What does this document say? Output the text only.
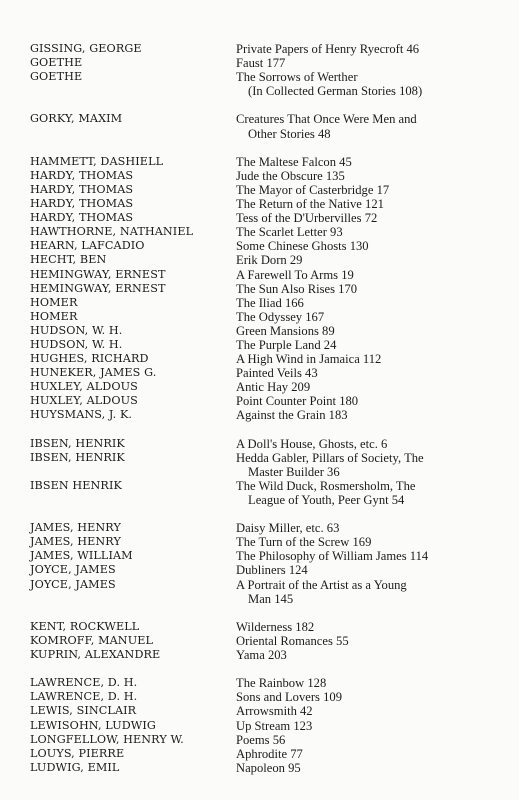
GISSING, GEORGE
GOETHE
GOETHE
GORKY, MAXIM
HAMMETT, DASHIELL
HARDY, THOMAS
HARDY, THOMAS
HARDY, THOMAS
HARDY, THOMAS
HAWTHORNE, NATHANIEL
HEARN, LAFCADIO
HECHT, BEN
HEMINGWAY, ERNEST
HEMINGWAY, ERNEST
HOMER
HOMER
HUDSON, W. H.
HUDSON, W. H.
HUGHES, RICHARD
HUNEKER, JAMES G.
HUXLEY, ALDOUS
HUXLEY, ALDOUS
HUYSMANS, J. K.
IBSEN, HENRIK
IBSEN, HENRIK
IBSEN HENRIK
JAMES, HENRY
JAMES, HENRY
JAMES, WILLIAM
JOYCE, JAMES
JOYCE, JAMES
KENT, ROCKWELL
KOMROFF, MANUEL
KUPRIN, ALEXANDRE
LAWRENCE, D. H.
LAWRENCE, D. H.
LEWIS, SINCLAIR
LEWISOHN, LUDWIG
LONGFELLOW, HENRY W.
LOUYS, PIERRE
LUDWIG, EMIL
Private Papers of Henry Ryecroft 46
Faust 177
The Sorrows of Werther
(In Collected German Stories 108)
Creatures That Once Were Men and
Other Stories 48
The Maltese Falcon 45
Jude the Obscure 135
The Mayor of Casterbridge 17
The Return of the Native 121
Tess of the D'Urbervilles 72
The Scarlet Letter 93
Some Chinese Ghosts 130
Erik Dorn 29
A Farewell To Arms 19
The Sun Also Rises 170
The Iliad 166
The Odyssey 167
Green Mansions 89
The Purple Land 24
A High Wind in Jamaica 112
Painted Veils 43
Antic Hay 209
Point Counter Point 180
Against the Grain 183
A Doll's House, Ghosts, etc. 6
Hedda Gabler, Pillars of Society, The
Master Builder 36
The Wild Duck, Rosmersholm, The
League of Youth, Peer Gynt 54
Daisy Miller, etc. 63
The Turn of the Screw 169
The Philosophy of William James 114
Dubliners 124
A Portrait of the Artist as a Young
Man 145
Wilderness 182
Oriental Romances 55
Yama 203
The Rainbow 128
Sons and Lovers 109
Arrowsmith 42
Up Stream 123
Poems 56
Aphrodite 77
Napoleon 95
